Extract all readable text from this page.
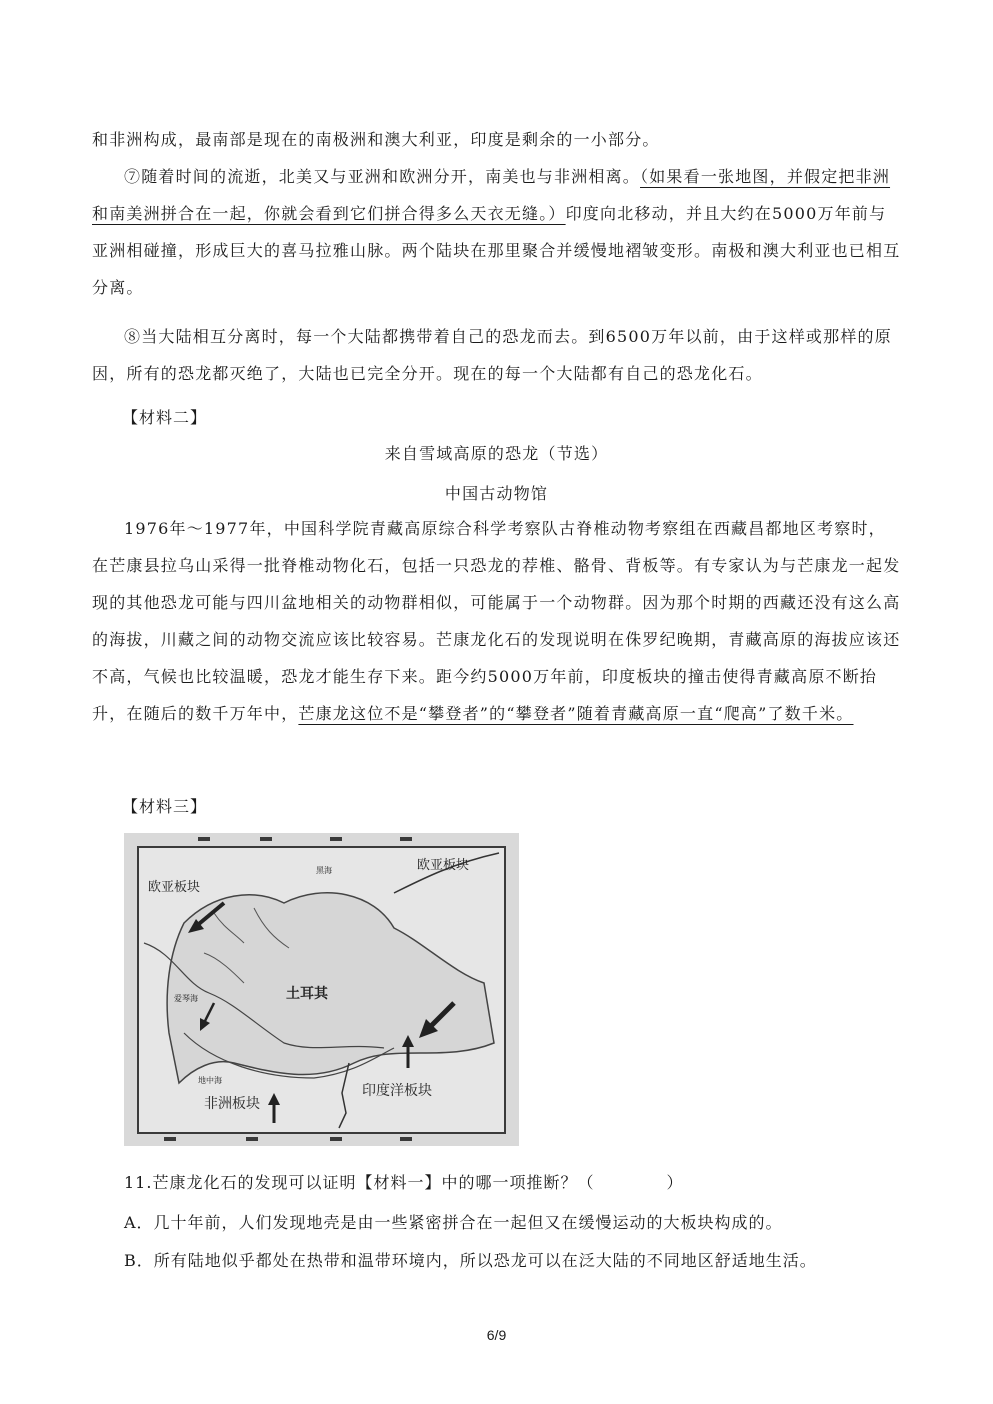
和非洲构成，最南部是现在的南极洲和澳大利亚，印度是剩余的一小部分。

⑦随着时间的流逝，北美又与亚洲和欧洲分开，南美也与非洲相离。（如果看一张地图，并假定把非洲和南美洲拼合在一起，你就会看到它们拼合得多么天衣无缝。）印度向北移动，并且大约在5000万年前与亚洲相碰撞，形成巨大的喜马拉雅山脉。两个陆块在那里聚合并缓慢地褶皱变形。南极和澳大利亚也已相互分离。

⑧当大陆相互分离时，每一个大陆都携带着自己的恐龙而去。到6500万年以前，由于这样或那样的原因，所有的恐龙都灭绝了，大陆也已完全分开。现在的每一个大陆都有自己的恐龙化石。

【材料二】

来自雪域高原的恐龙（节选）

中国古动物馆

1976年～1977年，中国科学院青藏高原综合科学考察队古脊椎动物考察组在西藏昌都地区考察时，在芒康县拉乌山采得一批脊椎动物化石，包括一只恐龙的荐椎、骼骨、背板等。有专家认为与芒康龙一起发现的其他恐龙可能与四川盆地相关的动物群相似，可能属于一个动物群。因为那个时期的西藏还没有这么高的海拔，川藏之间的动物交流应该比较容易。芒康龙化石的发现说明在侏罗纪晚期，青藏高原的海拔应该还不高，气候也比较温暖，恐龙才能生存下来。距今约5000万年前，印度板块的撞击使得青藏高原不断抬升，在随后的数千万年中，芒康龙这位不是“攀登者”的“攀登者”随着青藏高原一直“爬高”了数千米。

【材料三】

欧亚板块
欧亚板块
黑海
土耳其
爱琴海
地中海
非洲板块
印度洋板块

11.芒康龙化石的发现可以证明【材料一】中的哪一项推断？（	）

A．几十年前，人们发现地壳是由一些紧密拼合在一起但又在缓慢运动的大板块构成的。

B．所有陆地似乎都处在热带和温带环境内，所以恐龙可以在泛大陆的不同地区舒适地生活。

6/9
